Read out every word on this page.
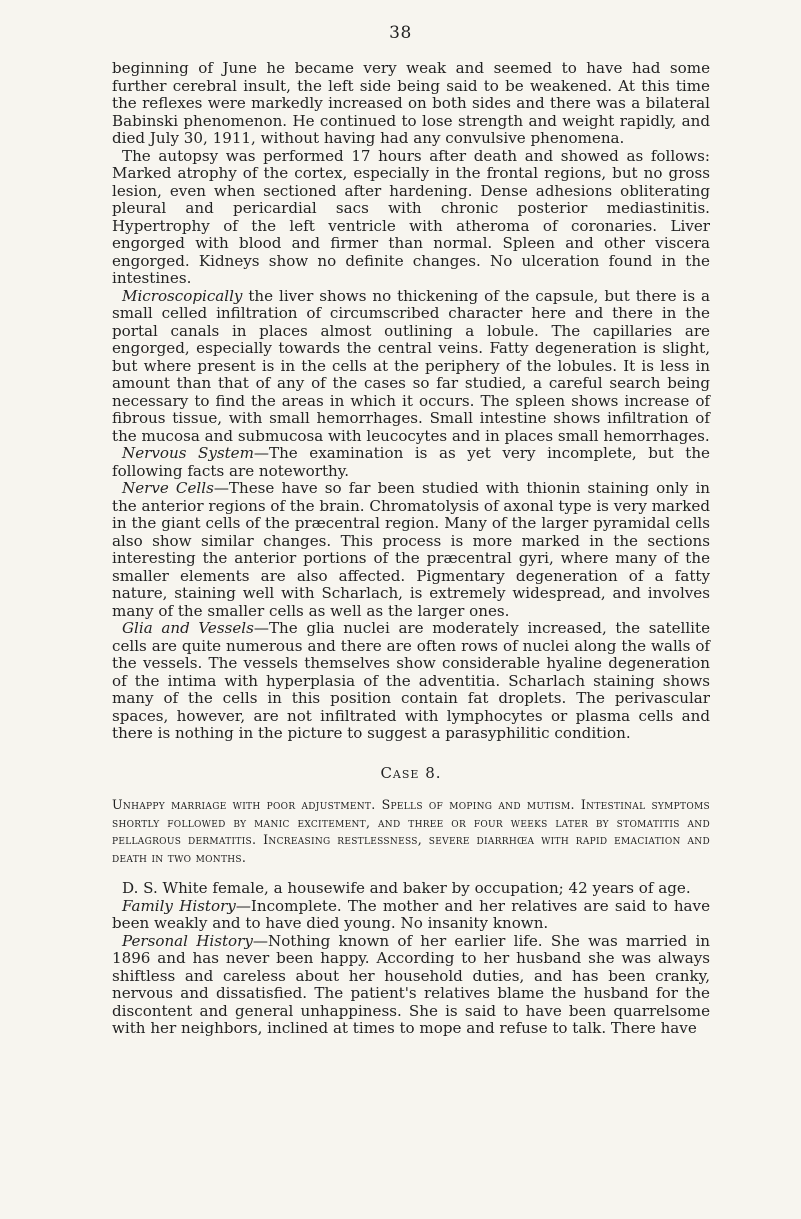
38

beginning of June he became very weak and seemed to have had some further cerebral insult, the left side being said to be weakened. At this time the reflexes were markedly increased on both sides and there was a bilateral Babinski phenomenon. He continued to lose strength and weight rapidly, and died July 30, 1911, without having had any convulsive phenomena.

The autopsy was performed 17 hours after death and showed as follows: Marked atrophy of the cortex, especially in the frontal regions, but no gross lesion, even when sectioned after hardening. Dense adhesions obliterating pleural and pericardial sacs with chronic posterior mediastinitis. Hypertrophy of the left ventricle with atheroma of coronaries. Liver engorged with blood and firmer than normal. Spleen and other viscera engorged. Kidneys show no definite changes. No ulceration found in the intestines.

Microscopically the liver shows no thickening of the capsule, but there is a small celled infiltration of circumscribed character here and there in the portal canals in places almost outlining a lobule. The capillaries are engorged, especially towards the central veins. Fatty degeneration is slight, but where present is in the cells at the periphery of the lobules. It is less in amount than that of any of the cases so far studied, a careful search being necessary to find the areas in which it occurs. The spleen shows increase of fibrous tissue, with small hemorrhages. Small intestine shows infiltration of the mucosa and submucosa with leucocytes and in places small hemorrhages.

Nervous System—The examination is as yet very incomplete, but the following facts are noteworthy.

Nerve Cells—These have so far been studied with thionin staining only in the anterior regions of the brain. Chromatolysis of axonal type is very marked in the giant cells of the præcentral region. Many of the larger pyramidal cells also show similar changes. This process is more marked in the sections interesting the anterior portions of the præcentral gyri, where many of the smaller elements are also affected. Pigmentary degeneration of a fatty nature, staining well with Scharlach, is extremely widespread, and involves many of the smaller cells as well as the larger ones.

Glia and Vessels—The glia nuclei are moderately increased, the satellite cells are quite numerous and there are often rows of nuclei along the walls of the vessels. The vessels themselves show considerable hyaline degeneration of the intima with hyperplasia of the adventitia. Scharlach staining shows many of the cells in this position contain fat droplets. The perivascular spaces, however, are not infiltrated with lymphocytes or plasma cells and there is nothing in the picture to suggest a parasyphilitic condition.

Case 8.
Unhappy marriage with poor adjustment. Spells of moping and mutism. Intestinal symptoms shortly followed by manic excitement, and three or four weeks later by stomatitis and pellagrous dermatitis. Increasing restlessness, severe diarrhœa with rapid emaciation and death in two months.

D. S. White female, a housewife and baker by occupation; 42 years of age.

Family History—Incomplete. The mother and her relatives are said to have been weakly and to have died young. No insanity known.

Personal History—Nothing known of her earlier life. She was married in 1896 and has never been happy. According to her husband she was always shiftless and careless about her household duties, and has been cranky, nervous and dissatisfied. The patient's relatives blame the husband for the discontent and general unhappiness. She is said to have been quarrelsome with her neighbors, inclined at times to mope and refuse to talk. There have
